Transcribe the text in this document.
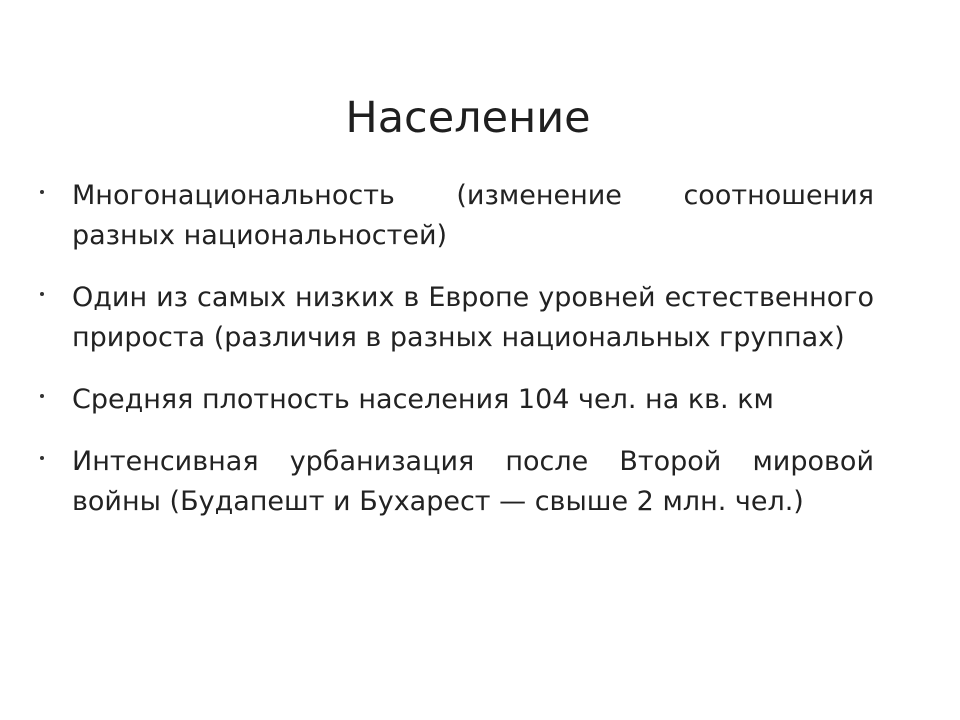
Население
Многонациональность (изменение соотношения разных национальностей)
Один из самых низких в Европе уровней естественного прироста (различия в разных национальных группах)
Средняя плотность населения 104 чел. на кв. км
Интенсивная урбанизация после Второй мировой войны (Будапешт и Бухарест — свыше 2 млн. чел.)
